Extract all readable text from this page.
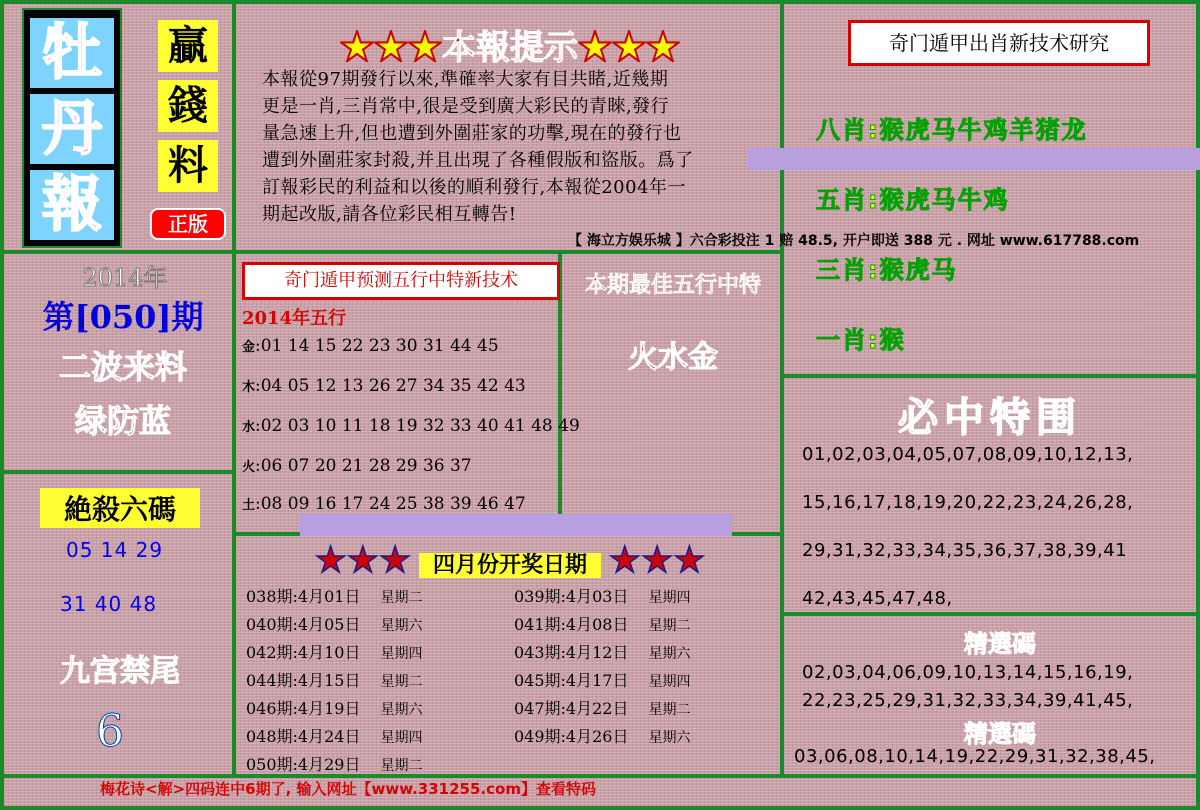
牡
丹
報
贏
錢
料
正版
★★★本報提示★★★
本報從97期發行以來,準確率大家有目共睹,近幾期
更是一肖,三肖常中,很是受到廣大彩民的青睞,發行
量急速上升,但也遭到外圍莊家的功擊,現在的發行也
遭到外圍莊家封殺,并且出現了各種假版和盜版。爲了
訂報彩民的利益和以後的順利發行,本報從2004年一
期起改版,請各位彩民相互轉告!
【 海立方娱乐城 】六合彩投注 1 赔 48.5, 开户即送 388 元 . 网址 www.617788.com
奇门遁甲出肖新技术研究
八肖:猴虎马牛鸡羊猪龙
五肖:猴虎马牛鸡
三肖:猴虎马
一肖:猴
2014年
第[050]期
二波来料
绿防蓝
絶殺六碼
05 14 29
31 40 48
九宫禁尾
6
奇门遁甲预测五行中特新技术
2014年五行
金:01 14 15 22 23 30 31 44 45
木:04 05 12 13 26 27 34 35 42 43
水:02 03 10 11 18 19 32 33 40 41 48 49
火:06 07 20 21 28 29 36 37
土:08 09 16 17 24 25 38 39 46 47
本期最佳五行中特
火水金
★★★ 四月份开奖日期 ★★★
必中特围
01,02,03,04,05,07,08,09,10,12,13,
15,16,17,18,19,20,22,23,24,26,28,
29,31,32,33,34,35,36,37,38,39,41
42,43,45,47,48,
精選碼
02,03,04,06,09,10,13,14,15,16,19,
22,23,25,29,31,32,33,34,39,41,45,
精選碼
03,06,08,10,14,19,22,29,31,32,38,45,
梅花诗<解>四码连中6期了, 输入网址【www.331255.com】查看特码
038期:4月01日 星期二
040期:4月05日 星期六
042期:4月10日 星期四
044期:4月15日 星期二
046期:4月19日 星期六
048期:4月24日 星期四
050期:4月29日 星期二
039期:4月03日 星期四
041期:4月08日 星期二
043期:4月12日 星期六
045期:4月17日 星期四
047期:4月22日 星期二
049期:4月26日 星期六
